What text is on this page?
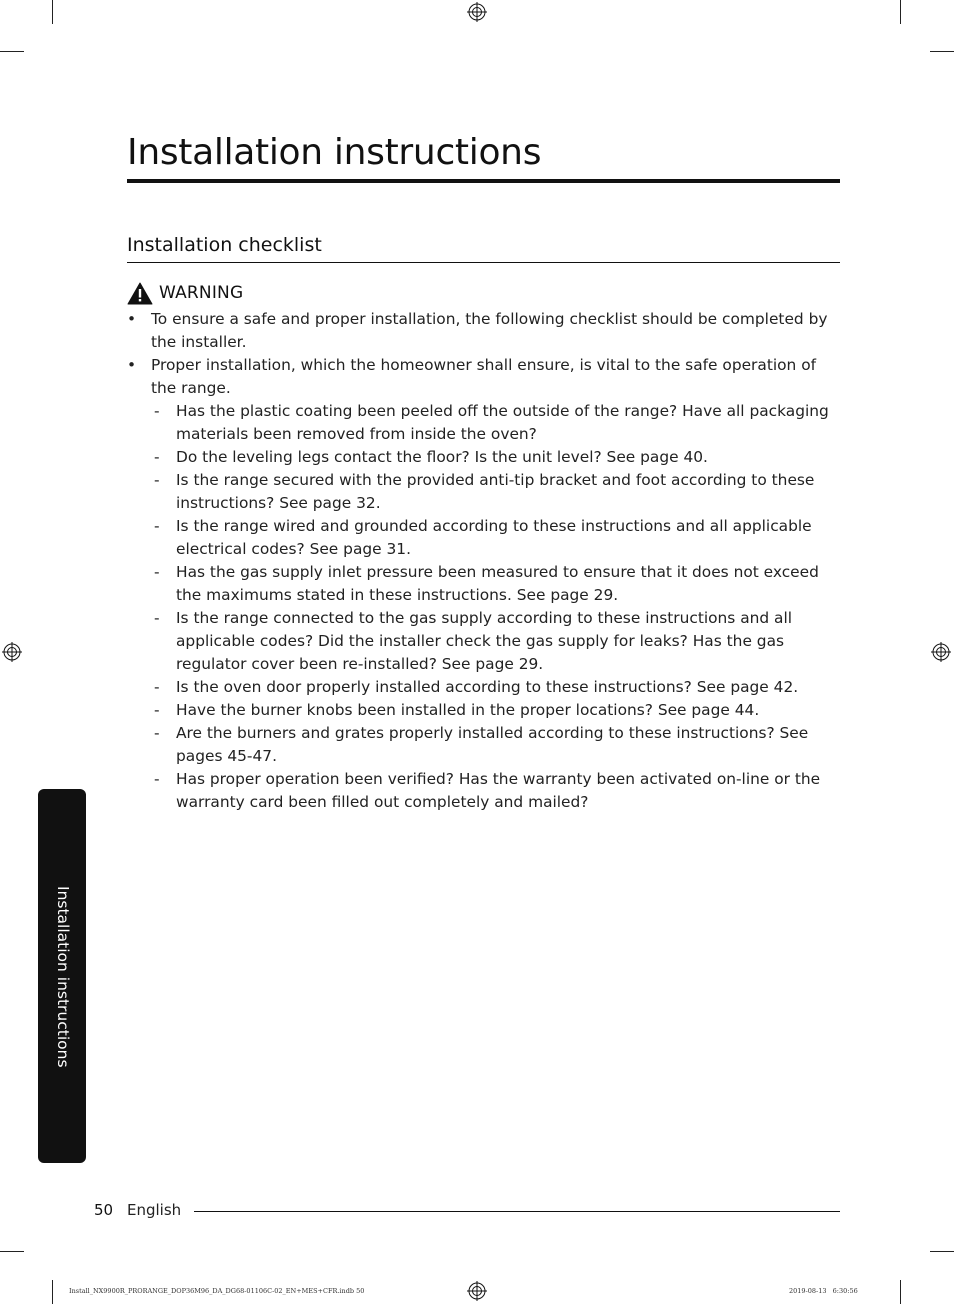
Installation instructions
Installation checklist
WARNING
• To ensure a safe and proper installation, the following checklist should be completed by the installer.
• Proper installation, which the homeowner shall ensure, is vital to the safe operation of the range.
- Has the plastic coating been peeled off the outside of the range? Have all packaging materials been removed from inside the oven?
- Do the leveling legs contact the floor? Is the unit level? See page 40.
- Is the range secured with the provided anti-tip bracket and foot according to these instructions? See page 32.
- Is the range wired and grounded according to these instructions and all applicable electrical codes? See page 31.
- Has the gas supply inlet pressure been measured to ensure that it does not exceed the maximums stated in these instructions. See page 29.
- Is the range connected to the gas supply according to these instructions and all applicable codes? Did the installer check the gas supply for leaks? Has the gas regulator cover been re-installed? See page 29.
- Is the oven door properly installed according to these instructions? See page 42.
- Have the burner knobs been installed in the proper locations? See page 44.
- Are the burners and grates properly installed according to these instructions? See pages 45-47.
- Has proper operation been verified? Has the warranty been activated on-line or the warranty card been filled out completely and mailed?
Installation instructions
50 English
Install_NX9900R_PRORANGE_DOP36M96_DA_DG68-01106C-02_EN+MES+CFR.indb 50	2019-08-13   6:30:56
